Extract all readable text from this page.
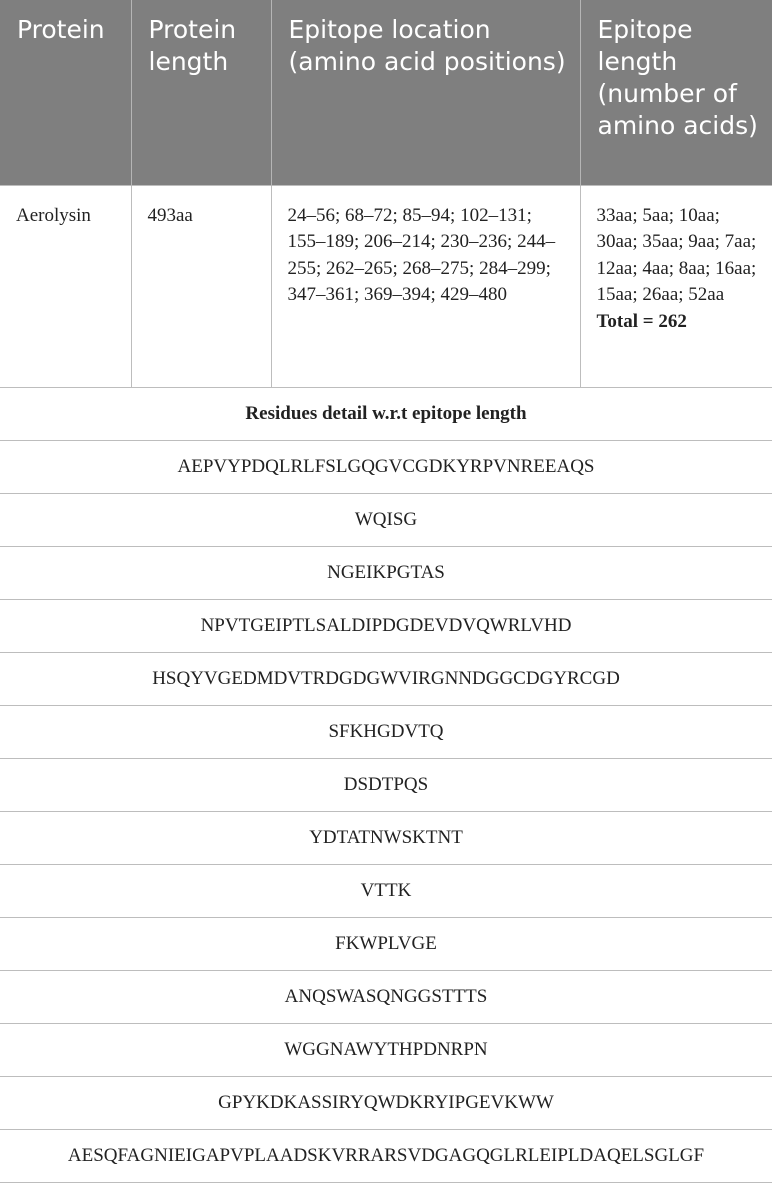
Protein	Protein length	Epitope location (amino acid positions)	Epitope length (number of amino acids)
Aerolysin	493aa	24–56; 68–72; 85–94; 102–131; 155–189; 206–214; 230–236; 244–255; 262–265; 268–275; 284–299; 347–361; 369–394; 429–480	33aa; 5aa; 10aa; 30aa; 35aa; 9aa; 7aa; 12aa; 4aa; 8aa; 16aa; 15aa; 26aa; 52aa
Total = 262
Residues detail w.r.t epitope length			
AEPVYPDQLRLFSLGQGVCGDKYRPVNREEAQS			
WQISG			
NGEIKPGTAS			
NPVTGEIPTLSALDIPDGDEVDVQWRLVHD			
HSQYVGEDMDVTRDGDGWVIRGNNDGGCDGYRCGD			
SFKHGDVTQ			
DSDTPQS			
YDTATNWSKTNT			
VTTK			
FKWPLVGE			
ANQSWASQNGGSTTTS			
WGGNAWYTHPDNRPN			
GPYKDKASSIRYQWDKRYIPGEVKWW			
AESQFAGNIEIGAPVPLAADSKVRRARSVDGAGQGLRLEIPLDAQELSGLGF			
